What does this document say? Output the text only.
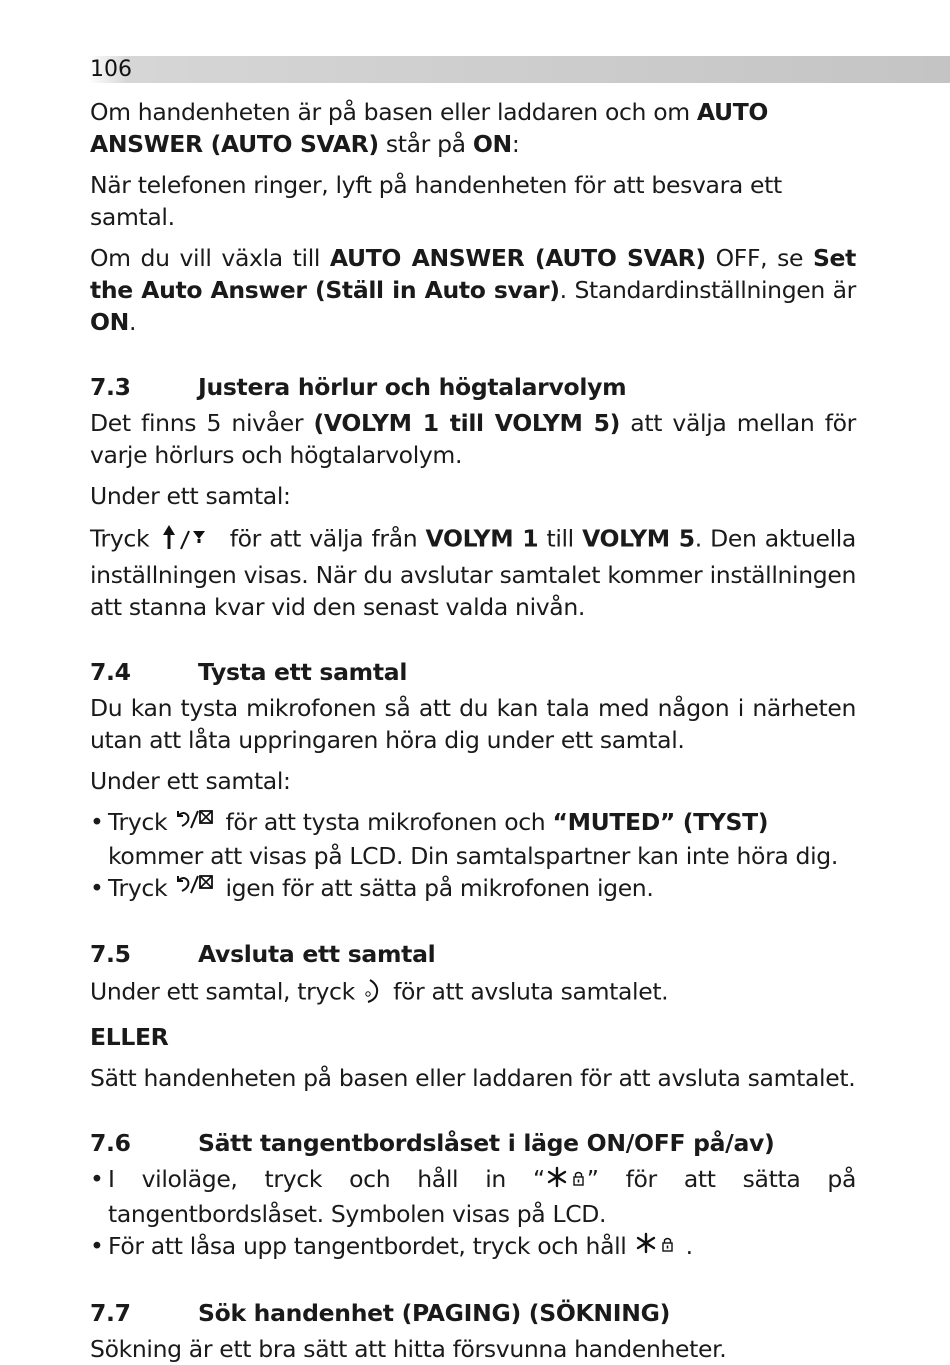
106

Om handenheten är på basen eller laddaren och om AUTO ANSWER (AUTO SVAR) står på ON:

När telefonen ringer, lyft på handenheten för att besvara ett samtal.

Om du vill växla till AUTO ANSWER (AUTO SVAR) OFF, se Set the Auto Answer (Ställ in Auto svar). Standardinställningen är ON.

7.3	Justera hörlur och högtalarvolym

Det finns 5 nivåer (VOLYM 1 till VOLYM 5) att välja mellan för varje hörlurs och högtalarvolym.

Under ett samtal:

Tryck	för att välja från VOLYM 1 till VOLYM 5. Den aktuella inställningen visas. När du avslutar samtalet kommer inställningen att stanna kvar vid den senast valda nivån.

7.4	Tysta ett samtal

Du kan tysta mikrofonen så att du kan tala med någon i närheten utan att låta uppringaren höra dig under ett samtal.

Under ett samtal:

• Tryck  för att tysta mikrofonen och “MUTED” (TYST) kommer att visas på LCD. Din samtalspartner kan inte höra dig.
• Tryck  igen för att sätta på mikrofonen igen.
7.5	Avsluta ett samtal

Under ett samtal, tryck  för att avsluta samtalet.

ELLER

Sätt handenheten på basen eller laddaren för att avsluta samtalet.

7.6	Sätt tangentbordslåset i läge ON/OFF på/av)
• I viloläge, tryck och håll in “ ” för att sätta på tangentbordslåset. Symbolen visas på LCD.
• För att låsa upp tangentbordet, tryck och håll .
7.7	Sök handenhet (PAGING) (SÖKNING)

Sökning är ett bra sätt att hitta försvunna handenheter.
